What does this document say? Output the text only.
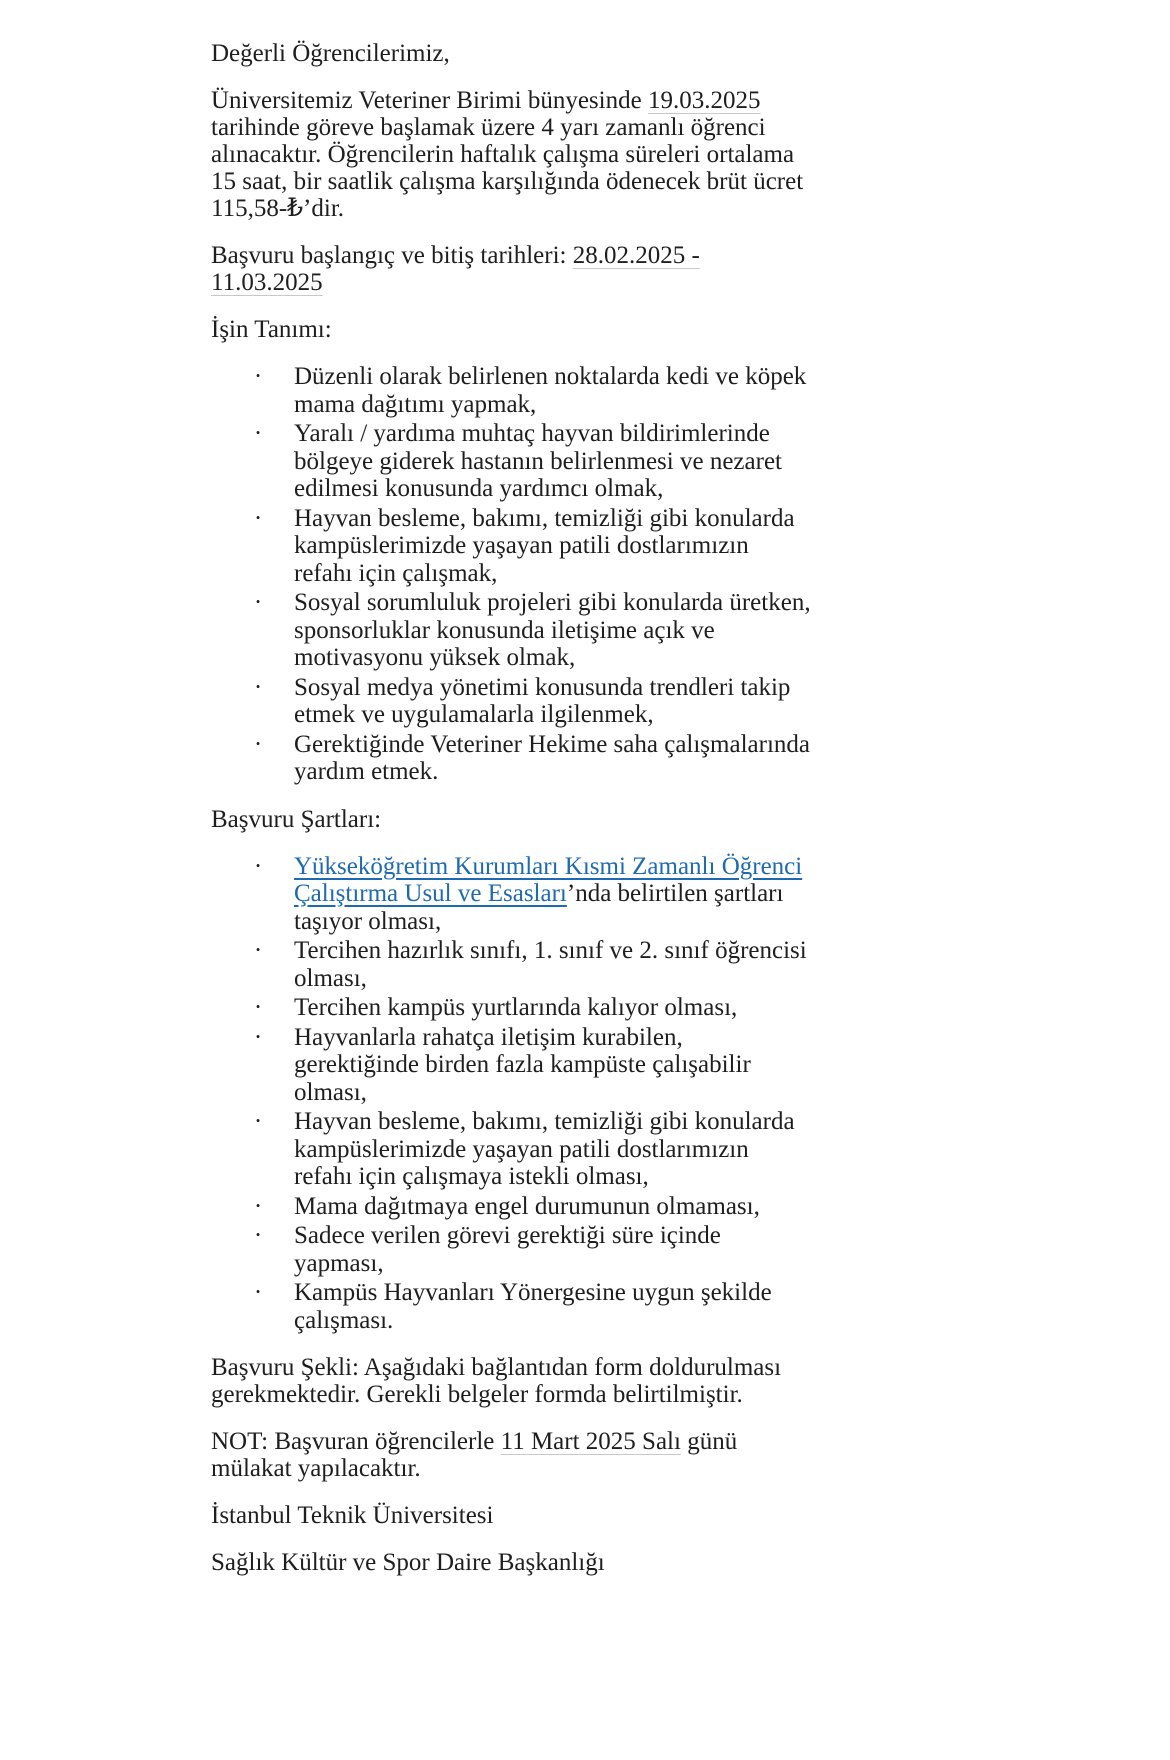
Değerli Öğrencilerimiz,

Üniversitemiz Veteriner Birimi bünyesinde 19.03.2025 tarihinde göreve başlamak üzere 4 yarı zamanlı öğrenci alınacaktır. Öğrencilerin haftalık çalışma süreleri ortalama 15 saat, bir saatlik çalışma karşılığında ödenecek brüt ücret 115,58-₺’dir.

Başvuru başlangıç ve bitiş tarihleri: 28.02.2025 - 11.03.2025

İşin Tanımı:

· Düzenli olarak belirlenen noktalarda kedi ve köpek mama dağıtımı yapmak,
· Yaralı / yardıma muhtaç hayvan bildirimlerinde bölgeye giderek hastanın belirlenmesi ve nezaret edilmesi konusunda yardımcı olmak,
· Hayvan besleme, bakımı, temizliği gibi konularda kampüslerimizde yaşayan patili dostlarımızın refahı için çalışmak,
· Sosyal sorumluluk projeleri gibi konularda üretken, sponsorluklar konusunda iletişime açık ve motivasyonu yüksek olmak,
· Sosyal medya yönetimi konusunda trendleri takip etmek ve uygulamalarla ilgilenmek,
· Gerektiğinde Veteriner Hekime saha çalışmalarında yardım etmek.

Başvuru Şartları:

· Yükseköğretim Kurumları Kısmi Zamanlı Öğrenci Çalıştırma Usul ve Esasları’nda belirtilen şartları taşıyor olması,
· Tercihen hazırlık sınıfı, 1. sınıf ve 2. sınıf öğrencisi olması,
· Tercihen kampüs yurtlarında kalıyor olması,
· Hayvanlarla rahatça iletişim kurabilen, gerektiğinde birden fazla kampüste çalışabilir olması,
· Hayvan besleme, bakımı, temizliği gibi konularda kampüslerimizde yaşayan patili dostlarımızın refahı için çalışmaya istekli olması,
· Mama dağıtmaya engel durumunun olmaması,
· Sadece verilen görevi gerektiği süre içinde yapması,
· Kampüs Hayvanları Yönergesine uygun şekilde çalışması.

Başvuru Şekli: Aşağıdaki bağlantıdan form doldurulması gerekmektedir. Gerekli belgeler formda belirtilmiştir.

NOT: Başvuran öğrencilerle 11 Mart 2025 Salı günü mülakat yapılacaktır.

İstanbul Teknik Üniversitesi

Sağlık Kültür ve Spor Daire Başkanlığı
